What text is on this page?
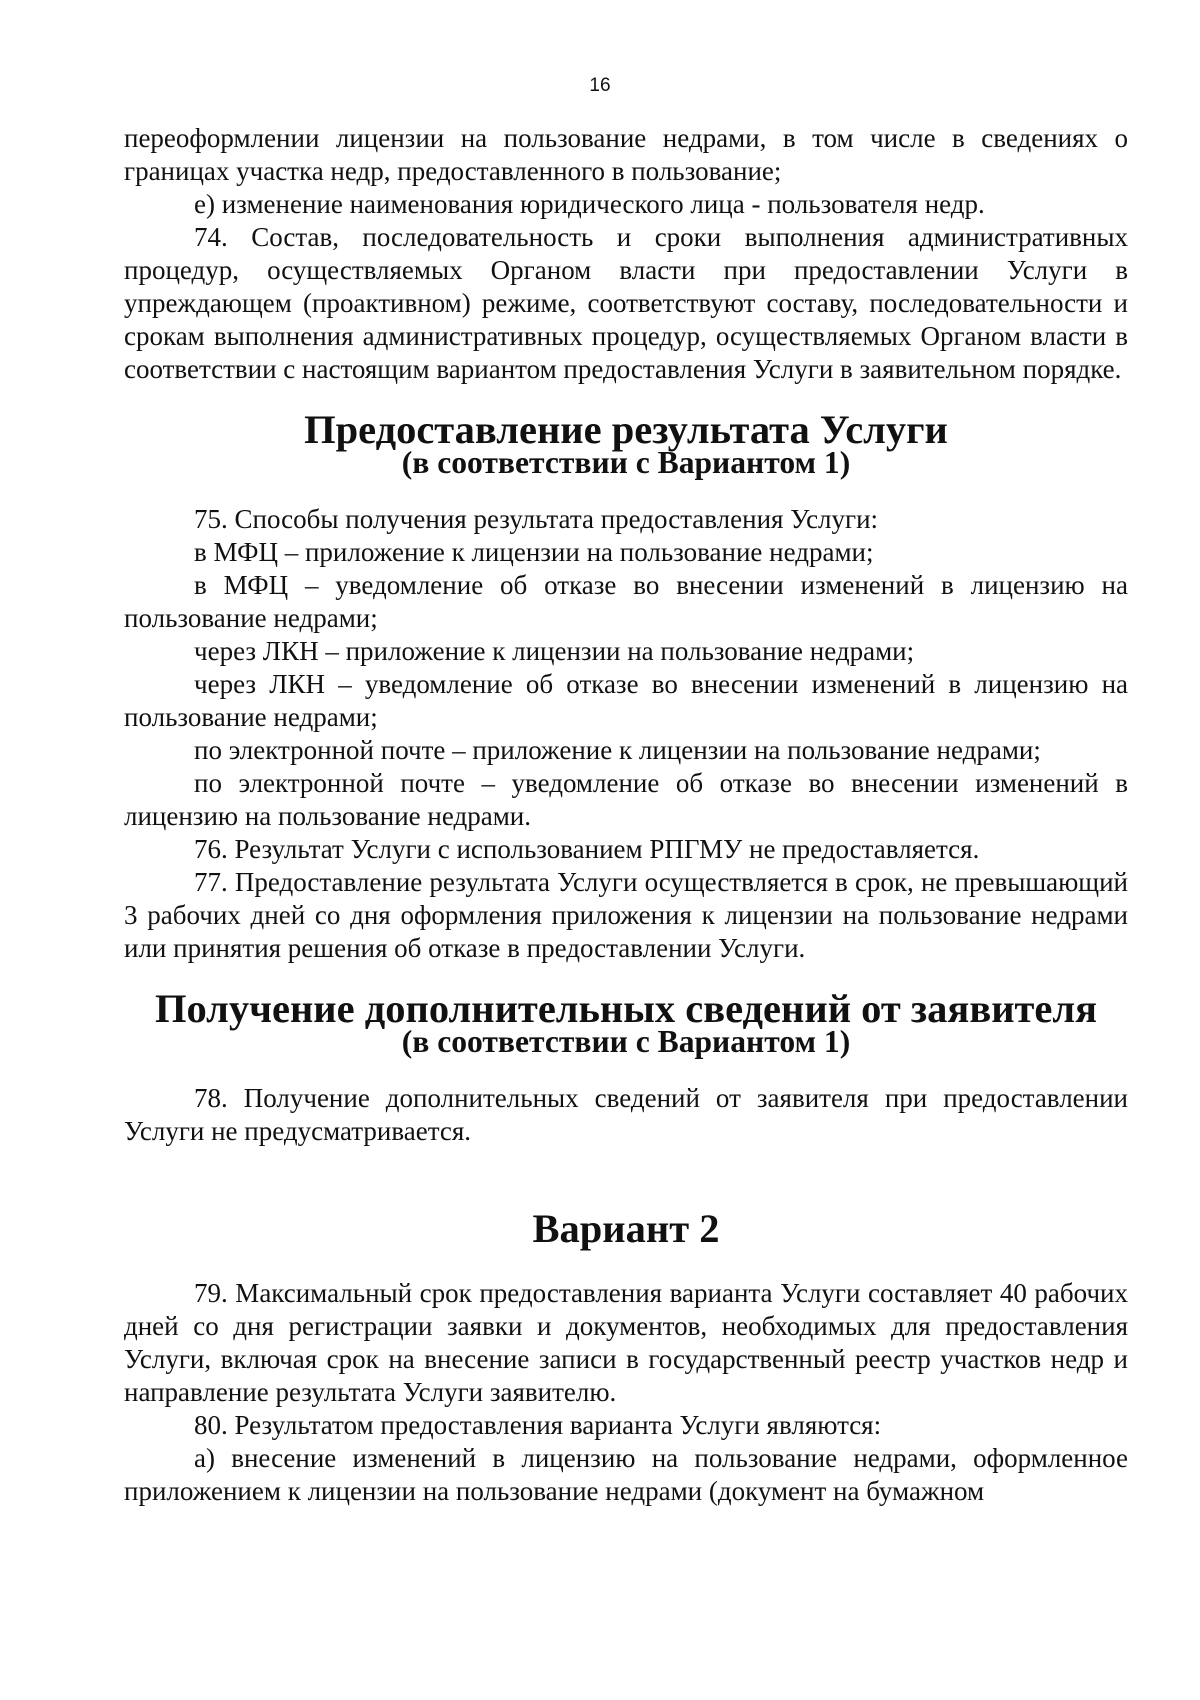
16

переоформлении лицензии на пользование недрами, в том числе в сведениях о границах участка недр, предоставленного в пользование;

е) изменение наименования юридического лица - пользователя недр.

74. Состав, последовательность и сроки выполнения административных процедур, осуществляемых Органом власти при предоставлении Услуги в упреждающем (проактивном) режиме, соответствуют составу, последовательности и срокам выполнения административных процедур, осуществляемых Органом власти в соответствии с настоящим вариантом предоставления Услуги в заявительном порядке.

Предоставление результата Услуги
(в соответствии с Вариантом 1)

75. Способы получения результата предоставления Услуги:

в МФЦ – приложение к лицензии на пользование недрами;

в МФЦ – уведомление об отказе во внесении изменений в лицензию на пользование недрами;

через ЛКН – приложение к лицензии на пользование недрами;

через ЛКН – уведомление об отказе во внесении изменений в лицензию на пользование недрами;

по электронной почте – приложение к лицензии на пользование недрами;

по электронной почте – уведомление об отказе во внесении изменений в лицензию на пользование недрами.

76. Результат Услуги с использованием РПГМУ не предоставляется.

77. Предоставление результата Услуги осуществляется в срок, не превышающий 3 рабочих дней со дня оформления приложения к лицензии на пользование недрами или принятия решения об отказе в предоставлении Услуги.

Получение дополнительных сведений от заявителя
(в соответствии с Вариантом 1)

78. Получение дополнительных сведений от заявителя при предоставлении Услуги не предусматривается.

Вариант 2

79. Максимальный срок предоставления варианта Услуги составляет 40 рабочих дней со дня регистрации заявки и документов, необходимых для предоставления Услуги, включая срок на внесение записи в государственный реестр участков недр и направление результата Услуги заявителю.

80. Результатом предоставления варианта Услуги являются:

а) внесение изменений в лицензию на пользование недрами, оформленное приложением к лицензии на пользование недрами (документ на бумажном
